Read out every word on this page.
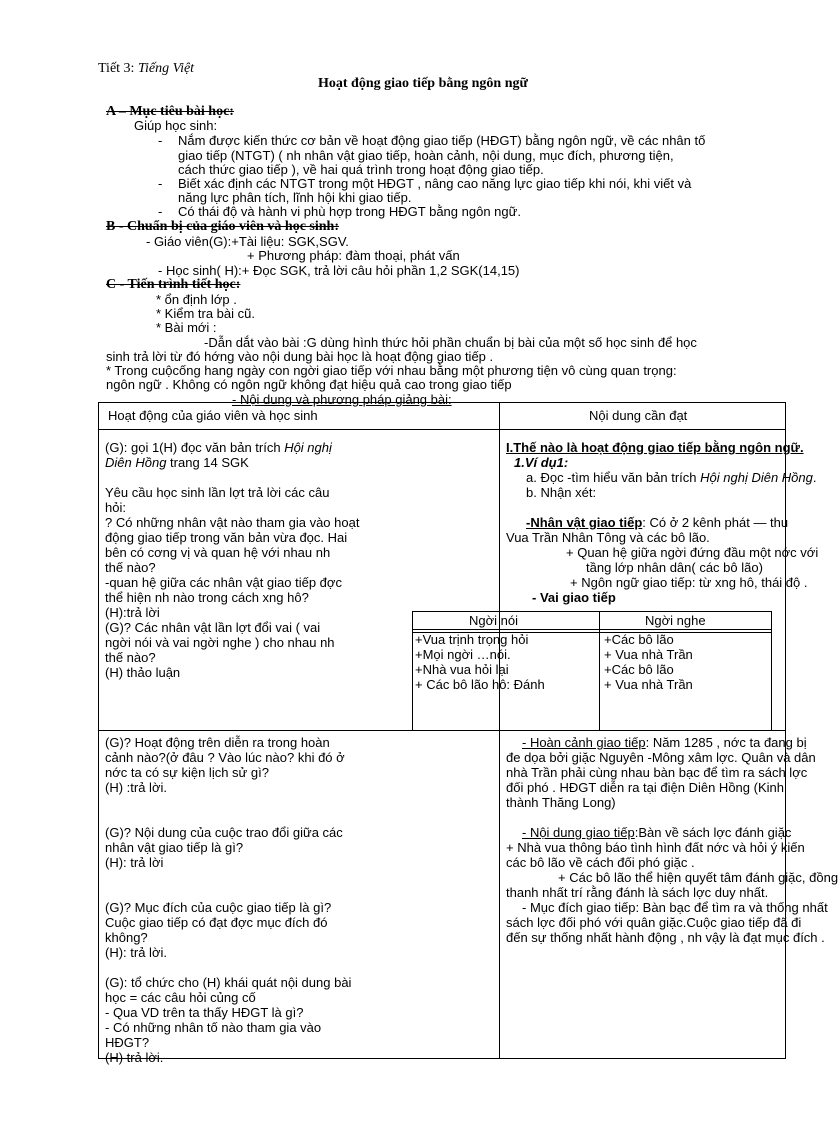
Tiết 3: Tiếng Việt
Hoạt động giao tiếp bằng ngôn ngữ
A – Mục tiêu bài học:
Giúp học sinh:
- Nắm được kiến thức cơ bản về hoạt động giao tiếp (HĐGT) bằng ngôn ngữ, về các nhân tố
giao tiếp (NTGT) ( nh nhân vật giao tiếp, hoàn cảnh, nội dung, mục đích, phương tiện,
cách thức giao tiếp ), về hai quá trình trong hoạt động giao tiếp.
- Biết xác định các NTGT trong một HĐGT , nâng cao năng lực giao tiếp khi nói, khi viết và
năng lực phân tích, lĩnh hội khi giao tiếp.
- Có thái độ và hành vi phù hợp trong HĐGT bằng ngôn ngữ.
B - Chuẩn bị của giáo viên và học sinh:
- Giáo viên(G):+Tài liệu: SGK,SGV.
+ Phương pháp: đàm thoại, phát vấn
- Học sinh( H):+ Đọc SGK, trả lời câu hỏi phần 1,2 SGK(14,15)
C - Tiến trình tiết học:
* ổn định lớp .
* Kiểm tra bài cũ.
* Bài mới :
-Dẫn dắt vào bài :G dùng hình thức hỏi phần chuẩn bị bài của một số học sinh để học
sinh trả lời từ đó hớng vào nội dung bài học là hoạt động giao tiếp .
* Trong cuộcống hang ngày con ngời giao tiếp với nhau bằng một phương tiện vô cùng quan trọng:
ngôn ngữ . Không có ngôn ngữ không đạt hiệu quả cao trong giao tiếp
- Nội dung và phương pháp giảng bài:
Hoạt động của giáo viên và học sinh	Nội dung cần đạt
(G): gọi 1(H) đọc văn bản trích Hội nghị
Diên Hồng trang 14 SGK
Yêu cầu học sinh lần lợt trả lời các câu
hỏi:
? Có những nhân vật nào tham gia vào hoạt
động giao tiếp trong văn bản vừa đọc. Hai
bên có cơng vị và quan hệ với nhau nh
thế nào?
-quan hệ giữa các nhân vật giao tiếp đợc
thể hiện nh nào trong cách xng hô?
(H):trả lời
(G)? Các nhân vật lần lợt đổi vai ( vai
ngời nói và vai ngời nghe ) cho nhau nh
thế nào?
(H) thảo luận
I.Thế nào là hoạt động giao tiếp bằng ngôn ngữ.
1.Ví dụ1:
a. Đọc -tìm hiểu văn bản trích Hội nghị Diên Hồng.
b. Nhận xét:
-Nhân vật giao tiếp: Có ở 2 kênh phát — thu
Vua Trần Nhân Tông và các bô lão.
+ Quan hệ giữa ngời đứng đầu một nớc với
tầng lớp nhân dân( các bô lão)
+ Ngôn ngữ giao tiếp: từ xng hô, thái độ .
- Vai giao tiếp
Ngời nói	Ngời nghe
+Vua trịnh trọng hỏi
+Mọi ngời …nói.
+Nhà vua hỏi lại
+ Các bô lão hô: Đánh
+Các bô lão
+ Vua nhà Trần
+Các bô lão
+ Vua nhà Trần
(G)? Hoạt động trên diễn ra trong hoàn
cảnh nào?(ở đâu ? Vào lúc nào? khi đó ở
nớc ta có sự kiện lịch sử gì?
(H) :trả lời.
(G)? Nội dung của cuộc trao đổi giữa các
nhân vật giao tiếp là gì?
(H): trả lời
(G)? Mục đích của cuộc giao tiếp là gì?
Cuộc giao tiếp có đạt đợc mục đích đó
không?
(H): trả lời.
(G): tổ chức cho (H) khái quát nội dung bài
học = các câu hỏi củng cố
- Qua VD trên ta thấy HĐGT là gì?
- Có những nhân tố nào tham gia vào
HĐGT?
(H) trả lời.
- Hoàn cảnh giao tiếp: Năm 1285 , nớc ta đang bị
đe dọa bởi giặc Nguyên -Mông xâm lợc. Quân và dân
nhà Trần phải cùng nhau bàn bạc để tìm ra sách lợc
đối phó . HĐGT diễn ra tại điện Diên Hồng (Kinh
thành Thăng Long)
- Nội dung giao tiếp:Bàn về sách lợc đánh giặc
+ Nhà vua thông báo tình hình đất nớc và hỏi ý kiến
các bô lão về cách đối phó giặc .
+ Các bô lão thể hiện quyết tâm đánh giặc, đồng
thanh nhất trí rằng đánh là sách lợc duy nhất.
- Mục đích giao tiếp: Bàn bạc để tìm ra và thống nhất
sách lợc đối phó với quân giặc.Cuộc giao tiếp đã đi
đến sự thống nhất hành động , nh vậy là đạt mục đích .
